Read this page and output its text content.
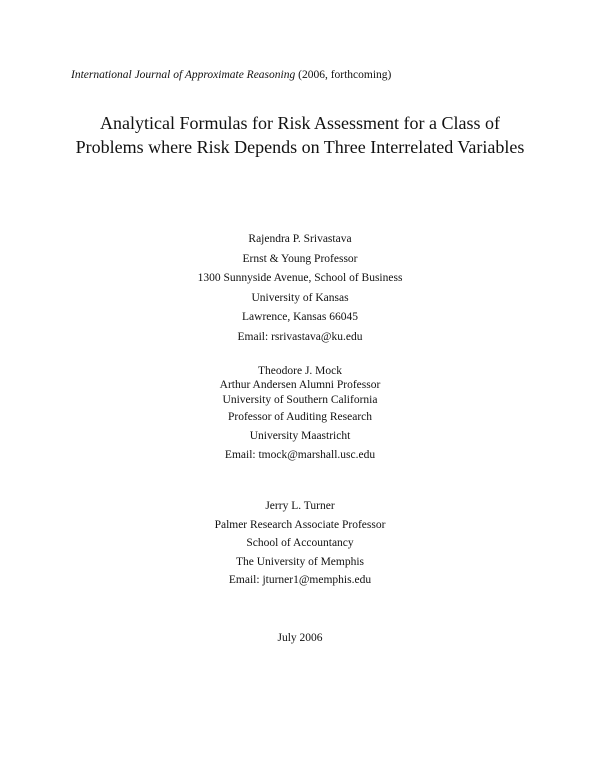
International Journal of Approximate Reasoning (2006, forthcoming)
Analytical Formulas for Risk Assessment for a Class of
Problems where Risk Depends on Three Interrelated Variables
Rajendra P. Srivastava
Ernst & Young Professor
1300 Sunnyside Avenue, School of Business
University of Kansas
Lawrence, Kansas 66045
Email: rsrivastava@ku.edu
Theodore J. Mock
Arthur Andersen Alumni Professor
University of Southern California
Professor of Auditing Research
University Maastricht
Email: tmock@marshall.usc.edu
Jerry L. Turner
Palmer Research Associate Professor
School of Accountancy
The University of Memphis
Email: jturner1@memphis.edu
July 2006
